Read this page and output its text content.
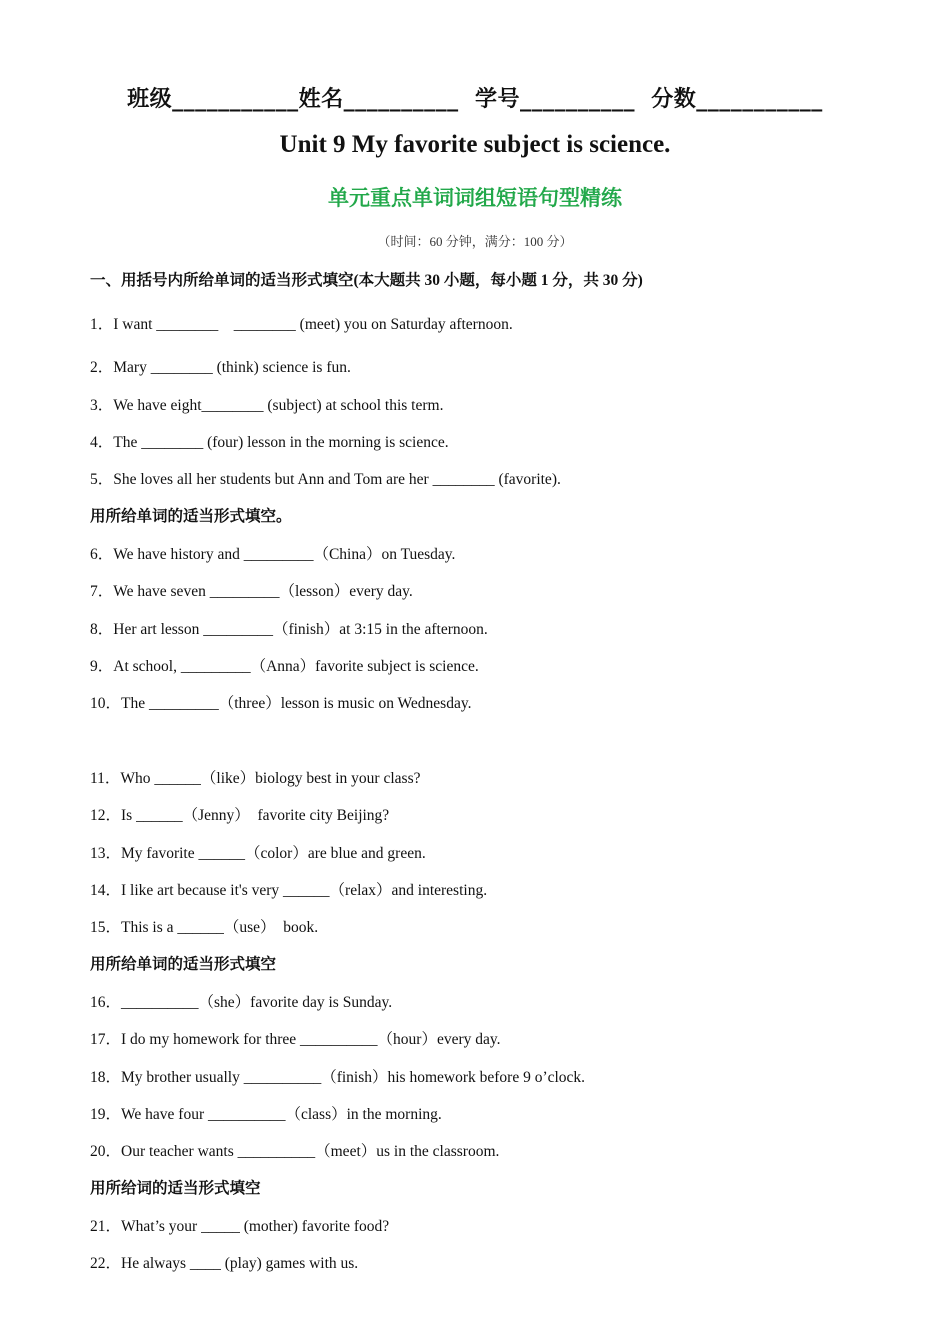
班级___________姓名__________  学号__________  分数___________
Unit 9 My favorite subject is science.
单元重点单词词组短语句型精练
（时间：60 分钟，满分：100 分）
一、用括号内所给单词的适当形式填空(本大题共 30 小题，每小题 1 分，共 30 分)
1．I want ________    ________ (meet) you on Saturday afternoon.
2．Mary ________ (think) science is fun.
3．We have eight________ (subject) at school this term.
4．The ________ (four) lesson in the morning is science.
5．She loves all her students but Ann and Tom are her ________ (favorite).
用所给单词的适当形式填空。
6．We have history and _________（China）on Tuesday.
7．We have seven _________（lesson）every day.
8．Her art lesson _________（finish）at 3:15 in the afternoon.
9．At school, _________（Anna）favorite subject is science.
10．The _________（three）lesson is music on Wednesday.
11．Who ______（like）biology best in your class?
12．Is ______（Jenny）  favorite city Beijing?
13．My favorite ______（color）are blue and green.
14．I like art because it's very ______（relax）and interesting.
15．This is a ______（use）  book.
用所给单词的适当形式填空
16．__________（she）favorite day is Sunday.
17．I do my homework for three __________（hour）every day.
18．My brother usually __________（finish）his homework before 9 o’clock.
19．We have four __________（class）in the morning.
20．Our teacher wants __________（meet）us in the classroom.
用所给词的适当形式填空
21．What’s your _____ (mother) favorite food?
22．He always ____ (play) games with us.
